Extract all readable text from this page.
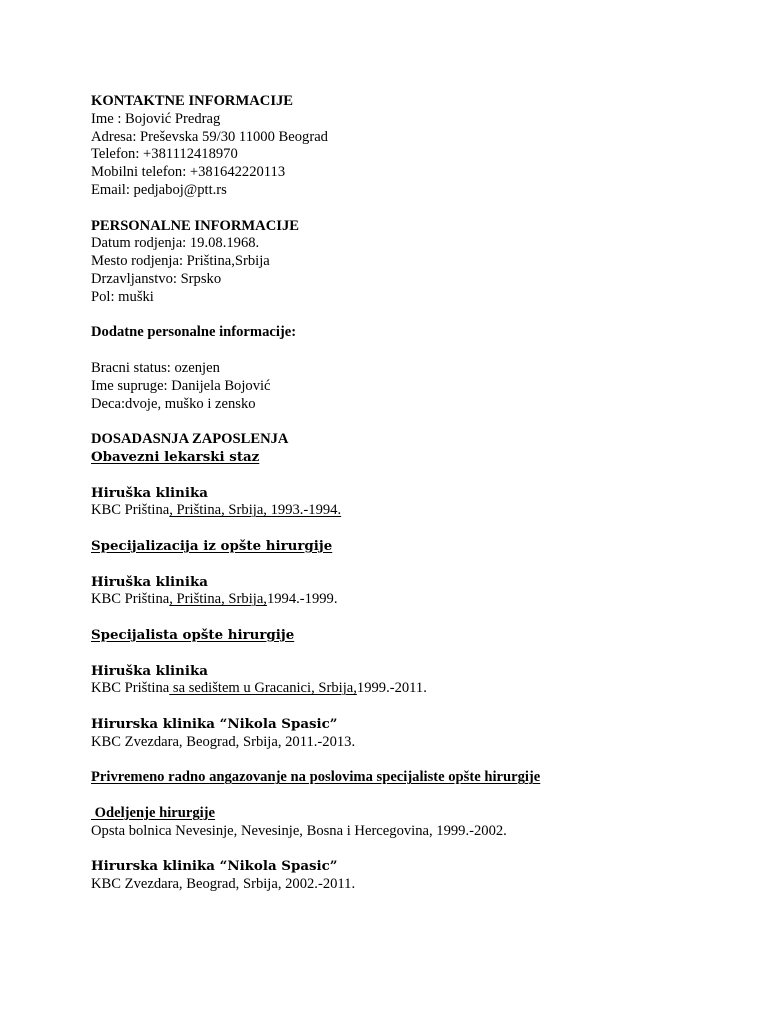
KONTAKTNE INFORMACIJE
Ime : Bojović Predrag
Adresa: Preševska 59/30 11000 Beograd
Telefon: +381112418970
Mobilni telefon: +381642220113
Email: pedjaboj@ptt.rs
PERSONALNE INFORMACIJE
Datum rodjenja: 19.08.1968.
Mesto rodjenja: Priština,Srbija
Drzavljanstvo: Srpsko
Pol: muški
Dodatne personalne informacije:
Bracni status: ozenjen
Ime supruge: Danijela Bojović
Deca:dvoje, muško i zensko
DOSADASNJA ZAPOSLENJA
Obavezni lekarski staz
Hiruška klinika
KBC Priština, Priština, Srbija, 1993.-1994.
Specijalizacija iz opšte hirurgije
Hiruška klinika
KBC Priština, Priština, Srbija,1994.-1999.
Specijalista opšte hirurgije
Hiruška klinika
KBC Priština sa sedištem u Gracanici, Srbija,1999.-2011.
Hirurska klinika “Nikola Spasic”
KBC Zvezdara, Beograd, Srbija, 2011.-2013.
Privremeno radno angazovanje na poslovima specijaliste opšte hirurgije
Odeljenje hirurgije
Opsta bolnica Nevesinje, Nevesinje, Bosna i Hercegovina, 1999.-2002.
Hirurska klinika “Nikola Spasic”
KBC Zvezdara, Beograd, Srbija, 2002.-2011.
